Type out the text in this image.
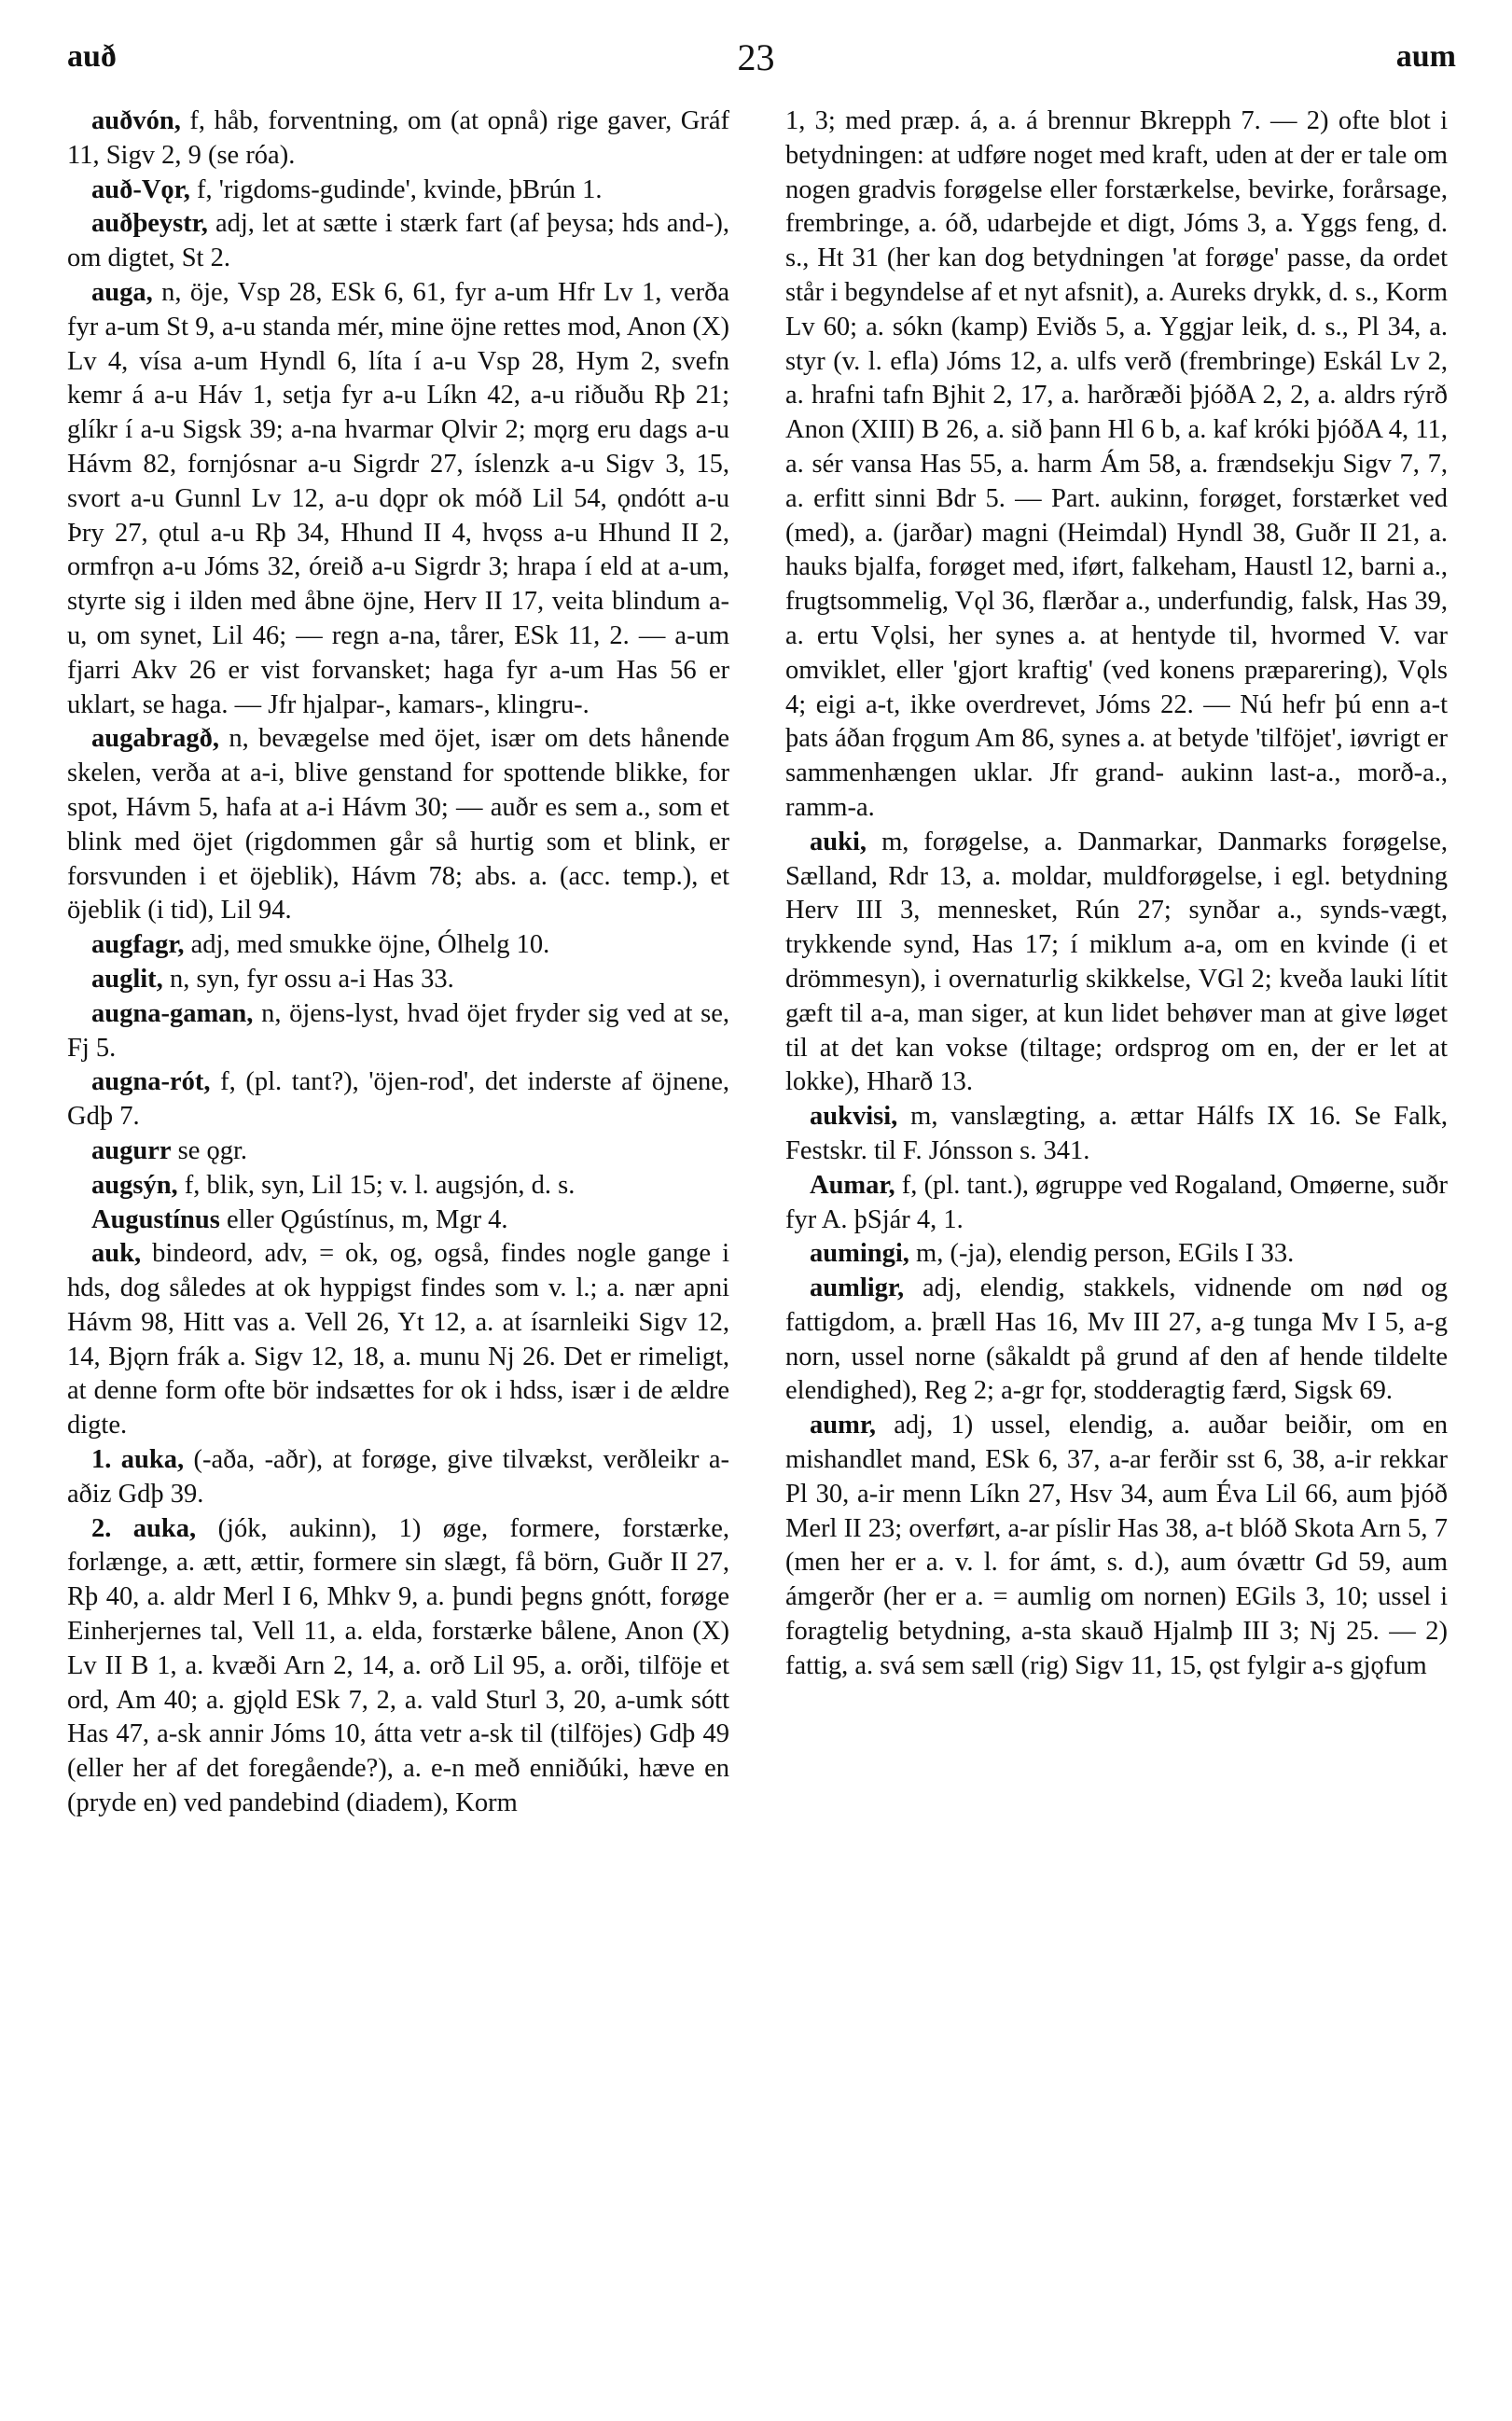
auð	23	aum

auðvón, f, håb, forventning, om (at opnå) rige gaver, Gráf 11, Sigv 2, 9 (se róa).

auð-Vǫr, f, 'rigdoms-gudinde', kvinde, þBrún 1.

auðþeystr, adj, let at sætte i stærk fart (af þeysa; hds and-), om digtet, St 2.

auga, n, öje, Vsp 28, ESk 6, 61, fyr a-um Hfr Lv 1, verða fyr a-um St 9, a-u standa mér, mine öjne rettes mod, Anon (X) Lv 4, vísa a-um Hyndl 6, líta í a-u Vsp 28, Hym 2, svefn kemr á a-u Háv 1, setja fyr a-u Líkn 42, a-u riðuðu Rþ 21; glíkr í a-u Sigsk 39; a-na hvarmar Ǫlvir 2; mǫrg eru dags a-u Hávm 82, fornjósnar a-u Sigrdr 27, íslenzk a-u Sigv 3, 15, svort a-u Gunnl Lv 12, a-u dǫpr ok móð Lil 54, ǫndótt a-u Þry 27, ǫtul a-u Rþ 34, Hhund II 4, hvǫss a-u Hhund II 2, ormfrǫn a-u Jóms 32, óreið a-u Sigrdr 3; hrapa í eld at a-um, styrte sig i ilden med åbne öjne, Herv II 17, veita blindum a-u, om synet, Lil 46; — regn a-na, tårer, ESk 11, 2. — a-um fjarri Akv 26 er vist forvansket; haga fyr a-um Has 56 er uklart, se haga. — Jfr hjalpar-, kamars-, klingru-.

augabragð, n, bevægelse med öjet, især om dets hånende skelen, verða at a-i, blive genstand for spottende blikke, for spot, Hávm 5, hafa at a-i Hávm 30; — auðr es sem a., som et blink med öjet (rigdommen går så hurtig som et blink, er forsvunden i et öjeblik), Hávm 78; abs. a. (acc. temp.), et öjeblik (i tid), Lil 94.

augfagr, adj, med smukke öjne, Ólhelg 10.

auglit, n, syn, fyr ossu a-i Has 33.

augna-gaman, n, öjens-lyst, hvad öjet fryder sig ved at se, Fj 5.

augna-rót, f, (pl. tant?), 'öjen-rod', det inderste af öjnene, Gdþ 7.

augurr se ǫgr.

augsýn, f, blik, syn, Lil 15; v. l. augsjón, d. s.

Augustínus eller Ǫgústínus, m, Mgr 4.

auk, bindeord, adv, = ok, og, også, findes nogle gange i hds, dog således at ok hyppigst findes som v. l.; a. nær apni Hávm 98, Hitt vas a. Vell 26, Yt 12, a. at ísarnleiki Sigv 12, 14, Bjǫrn frák a. Sigv 12, 18, a. munu Nj 26. Det er rimeligt, at denne form ofte bör indsættes for ok i hdss, især i de ældre digte.

1. auka, (-aða, -aðr), at forøge, give tilvækst, verðleikr a-aðiz Gdþ 39.

2. auka, (jók, aukinn), 1) øge, formere, forstærke, forlænge, a. ætt, ættir, formere sin slægt, få börn, Guðr II 27, Rþ 40, a. aldr Merl I 6, Mhkv 9, a. þundi þegns gnótt, forøge Einherjernes tal, Vell 11, a. elda, forstærke bålene, Anon (X) Lv II B 1, a. kvæði Arn 2, 14, a. orð Lil 95, a. orði, tilföje et ord, Am 40; a. gjǫld ESk 7, 2, a. vald Sturl 3, 20, a-umk sótt Has 47, a-sk annir Jóms 10, átta vetr a-sk til (tilföjes) Gdþ 49 (eller her af det foregående?), a. e-n með enniðúki, hæve en (pryde en) ved pandebind (diadem), Korm

1, 3; med præp. á, a. á brennur Bkrepph 7. — 2) ofte blot i betydningen: at udføre noget med kraft, uden at der er tale om nogen gradvis forøgelse eller forstærkelse, bevirke, forårsage, frembringe, a. óð, udarbejde et digt, Jóms 3, a. Yggs feng, d. s., Ht 31 (her kan dog betydningen 'at forøge' passe, da ordet står i begyndelse af et nyt afsnit), a. Aureks drykk, d. s., Korm Lv 60; a. sókn (kamp) Eviðs 5, a. Yggjar leik, d. s., Pl 34, a. styr (v. l. efla) Jóms 12, a. ulfs verð (frembringe) Eskál Lv 2, a. hrafni tafn Bjhit 2, 17, a. harðræði þjóðA 2, 2, a. aldrs rýrð Anon (XIII) B 26, a. sið þann Hl 6 b, a. kaf króki þjóðA 4, 11, a. sér vansa Has 55, a. harm Ám 58, a. frændsekju Sigv 7, 7, a. erfitt sinni Bdr 5. — Part. aukinn, forøget, forstærket ved (med), a. (jarðar) magni (Heimdal) Hyndl 38, Guðr II 21, a. hauks bjalfa, forøget med, iført, falkeham, Haustl 12, barni a., frugtsommelig, Vǫl 36, flærðar a., underfundig, falsk, Has 39, a. ertu Vǫlsi, her synes a. at hentyde til, hvormed V. var omviklet, eller 'gjort kraftig' (ved konens præparering), Vǫls 4; eigi a-t, ikke overdrevet, Jóms 22. — Nú hefr þú enn a-t þats áðan frǫgum Am 86, synes a. at betyde 'tilföjet', iøvrigt er sammenhængen uklar. Jfr grand- aukinn last-a., morð-a., ramm-a.

auki, m, forøgelse, a. Danmarkar, Danmarks forøgelse, Sælland, Rdr 13, a. moldar, muldforøgelse, i egl. betydning Herv III 3, mennesket, Rún 27; synðar a., synds-vægt, trykkende synd, Has 17; í miklum a-a, om en kvinde (i et drömmesyn), i overnaturlig skikkelse, VGl 2; kveða lauki lítit gæft til a-a, man siger, at kun lidet behøver man at give løget til at det kan vokse (tiltage; ordsprog om en, der er let at lokke), Hharð 13.

aukvisi, m, vanslægting, a. ættar Hálfs IX 16. Se Falk, Festskr. til F. Jónsson s. 341.

Aumar, f, (pl. tant.), øgruppe ved Rogaland, Omøerne, suðr fyr A. þSjár 4, 1.

aumingi, m, (-ja), elendig person, EGils I 33.

aumligr, adj, elendig, stakkels, vidnende om nød og fattigdom, a. þræll Has 16, Mv III 27, a-g tunga Mv I 5, a-g norn, ussel norne (såkaldt på grund af den af hende tildelte elendighed), Reg 2; a-gr fǫr, stodderagtig færd, Sigsk 69.

aumr, adj, 1) ussel, elendig, a. auðar beiðir, om en mishandlet mand, ESk 6, 37, a-ar ferðir sst 6, 38, a-ir rekkar Pl 30, a-ir menn Líkn 27, Hsv 34, aum Éva Lil 66, aum þjóð Merl II 23; overført, a-ar píslir Has 38, a-t blóð Skota Arn 5, 7 (men her er a. v. l. for ámt, s. d.), aum óvættr Gd 59, aum ámgerðr (her er a. = aumlig om nornen) EGils 3, 10; ussel i foragtelig betydning, a-sta skauð Hjalmþ III 3; Nj 25. — 2) fattig, a. svá sem sæll (rig) Sigv 11, 15, ǫst fylgir a-s gjǫfum
